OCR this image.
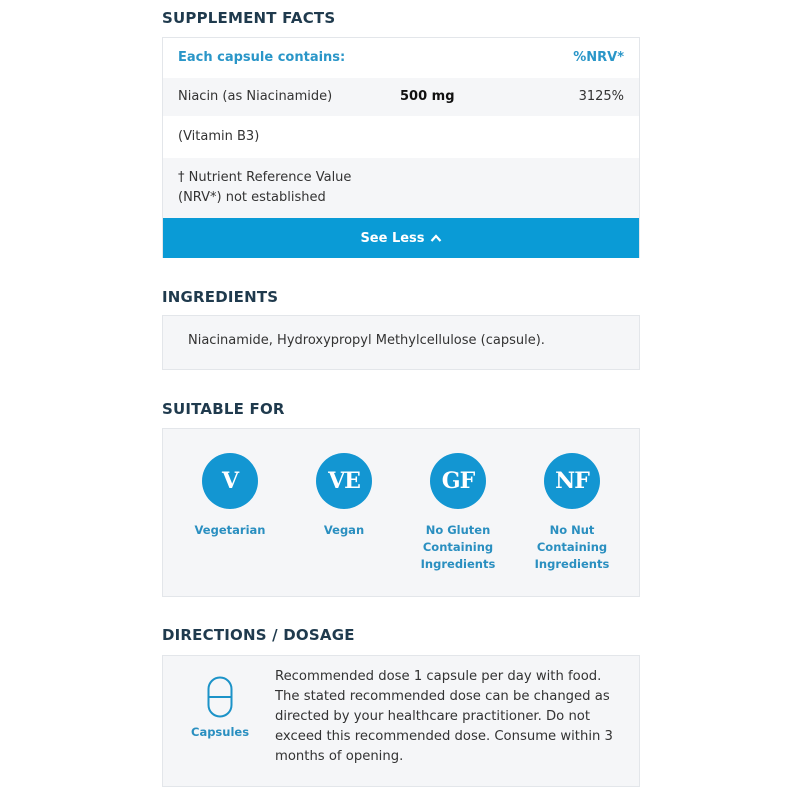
SUPPLEMENT FACTS
Each capsule contains:	%NRV*
Niacin (as Niacinamide)	500 mg	3125%
(Vitamin B3)
† Nutrient Reference Value
(NRV*) not established
See Less
INGREDIENTS
Niacinamide, Hydroxypropyl Methylcellulose (capsule).
SUITABLE FOR
V
Vegetarian
VE
Vegan
GF
No Gluten Containing Ingredients
NF
No Nut Containing Ingredients
DIRECTIONS / DOSAGE
Capsules
Recommended dose 1 capsule per day with food. The stated recommended dose can be changed as directed by your healthcare practitioner. Do not exceed this recommended dose. Consume within 3 months of opening.
